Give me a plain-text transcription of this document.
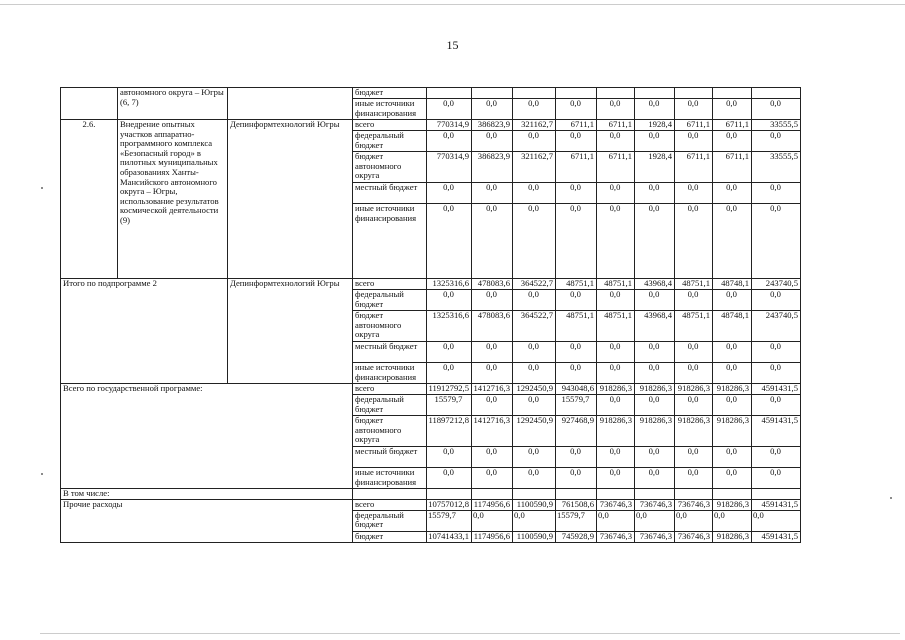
15
	автономного округа – Югры (6, 7)		бюджет									
			иные источники финансирования	0,0	0,0	0,0	0,0	0,0	0,0	0,0	0,0	0,0
2.6.	Внедрение опытных участков аппаратно-программного комплекса «Безопасный город» в пилотных муниципальных образованиях Ханты-Мансийского автономного округа – Югры, использование результатов космической деятельности (9)	Депинформтехнологий Югры	всего	770314,9	386823,9	321162,7	6711,1	6711,1	1928,4	6711,1	6711,1	33555,5
			федеральный бюджет	0,0	0,0	0,0	0,0	0,0	0,0	0,0	0,0	0,0
			бюджет автономного округа	770314,9	386823,9	321162,7	6711,1	6711,1	1928,4	6711,1	6711,1	33555,5
			местный бюджет	0,0	0,0	0,0	0,0	0,0	0,0	0,0	0,0	0,0
			иные источники финансирования	0,0	0,0	0,0	0,0	0,0	0,0	0,0	0,0	0,0
Итого по подпрограмме 2		Депинформтехнологий Югры	всего	1325316,6	478083,6	364522,7	48751,1	48751,1	43968,4	48751,1	48748,1	243740,5
			федеральный бюджет	0,0	0,0	0,0	0,0	0,0	0,0	0,0	0,0	0,0
			бюджет автономного округа	1325316,6	478083,6	364522,7	48751,1	48751,1	43968,4	48751,1	48748,1	243740,5
			местный бюджет	0,0	0,0	0,0	0,0	0,0	0,0	0,0	0,0	0,0
			иные источники финансирования	0,0	0,0	0,0	0,0	0,0	0,0	0,0	0,0	0,0
Всего по государственной программе:			всего	11912792,5	1412716,3	1292450,9	943048,6	918286,3	918286,3	918286,3	918286,3	4591431,5
			федеральный бюджет	15579,7	0,0	0,0	15579,7	0,0	0,0	0,0	0,0	0,0
			бюджет автономного округа	11897212,8	1412716,3	1292450,9	927468,9	918286,3	918286,3	918286,3	918286,3	4591431,5
			местный бюджет	0,0	0,0	0,0	0,0	0,0	0,0	0,0	0,0	0,0
			иные источники финансирования	0,0	0,0	0,0	0,0	0,0	0,0	0,0	0,0	0,0
В том числе:												
Прочие расходы			всего	10757012,8	1174956,6	1100590,9	761508,6	736746,3	736746,3	736746,3	918286,3	4591431,5
			федеральный бюджет	15579,7	0,0	0,0	15579,7	0,0	0,0	0,0	0,0	0,0
			бюджет	10741433,1	1174956,6	1100590,9	745928,9	736746,3	736746,3	736746,3	918286,3	4591431,5
